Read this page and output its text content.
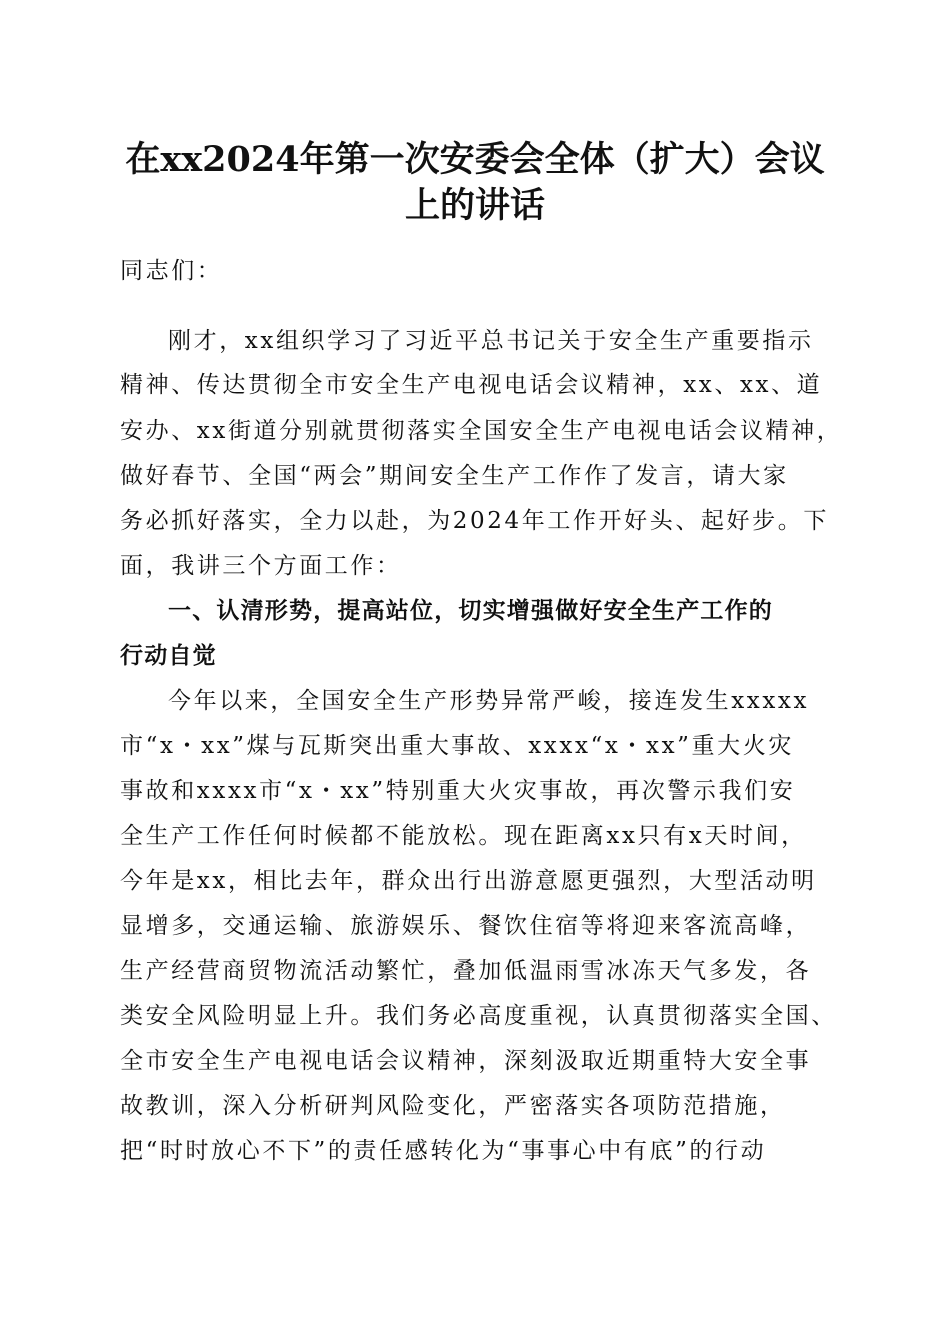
在xx2024年第一次安委会全体（扩大）会议
上的讲话
同志们：
刚才，xx组织学习了习近平总书记关于安全生产重要指示
精神、传达贯彻全市安全生产电视电话会议精神，xx、xx、道
安办、xx街道分别就贯彻落实全国安全生产电视电话会议精神，
做好春节、全国“两会”期间安全生产工作作了发言，请大家
务必抓好落实，全力以赴，为2024年工作开好头、起好步。下
面，我讲三个方面工作：
一、认清形势，提高站位，切实增强做好安全生产工作的
行动自觉
今年以来，全国安全生产形势异常严峻，接连发生xxxxx
市“x・xx”煤与瓦斯突出重大事故、xxxx“x・xx”重大火灾
事故和xxxx市“x・xx”特别重大火灾事故，再次警示我们安
全生产工作任何时候都不能放松。现在距离xx只有x天时间，
今年是xx，相比去年，群众出行出游意愿更强烈，大型活动明
显增多，交通运输、旅游娱乐、餐饮住宿等将迎来客流高峰，
生产经营商贸物流活动繁忙，叠加低温雨雪冰冻天气多发，各
类安全风险明显上升。我们务必高度重视，认真贯彻落实全国、
全市安全生产电视电话会议精神，深刻汲取近期重特大安全事
故教训，深入分析研判风险变化，严密落实各项防范措施，
把“时时放心不下”的责任感转化为“事事心中有底”的行动
